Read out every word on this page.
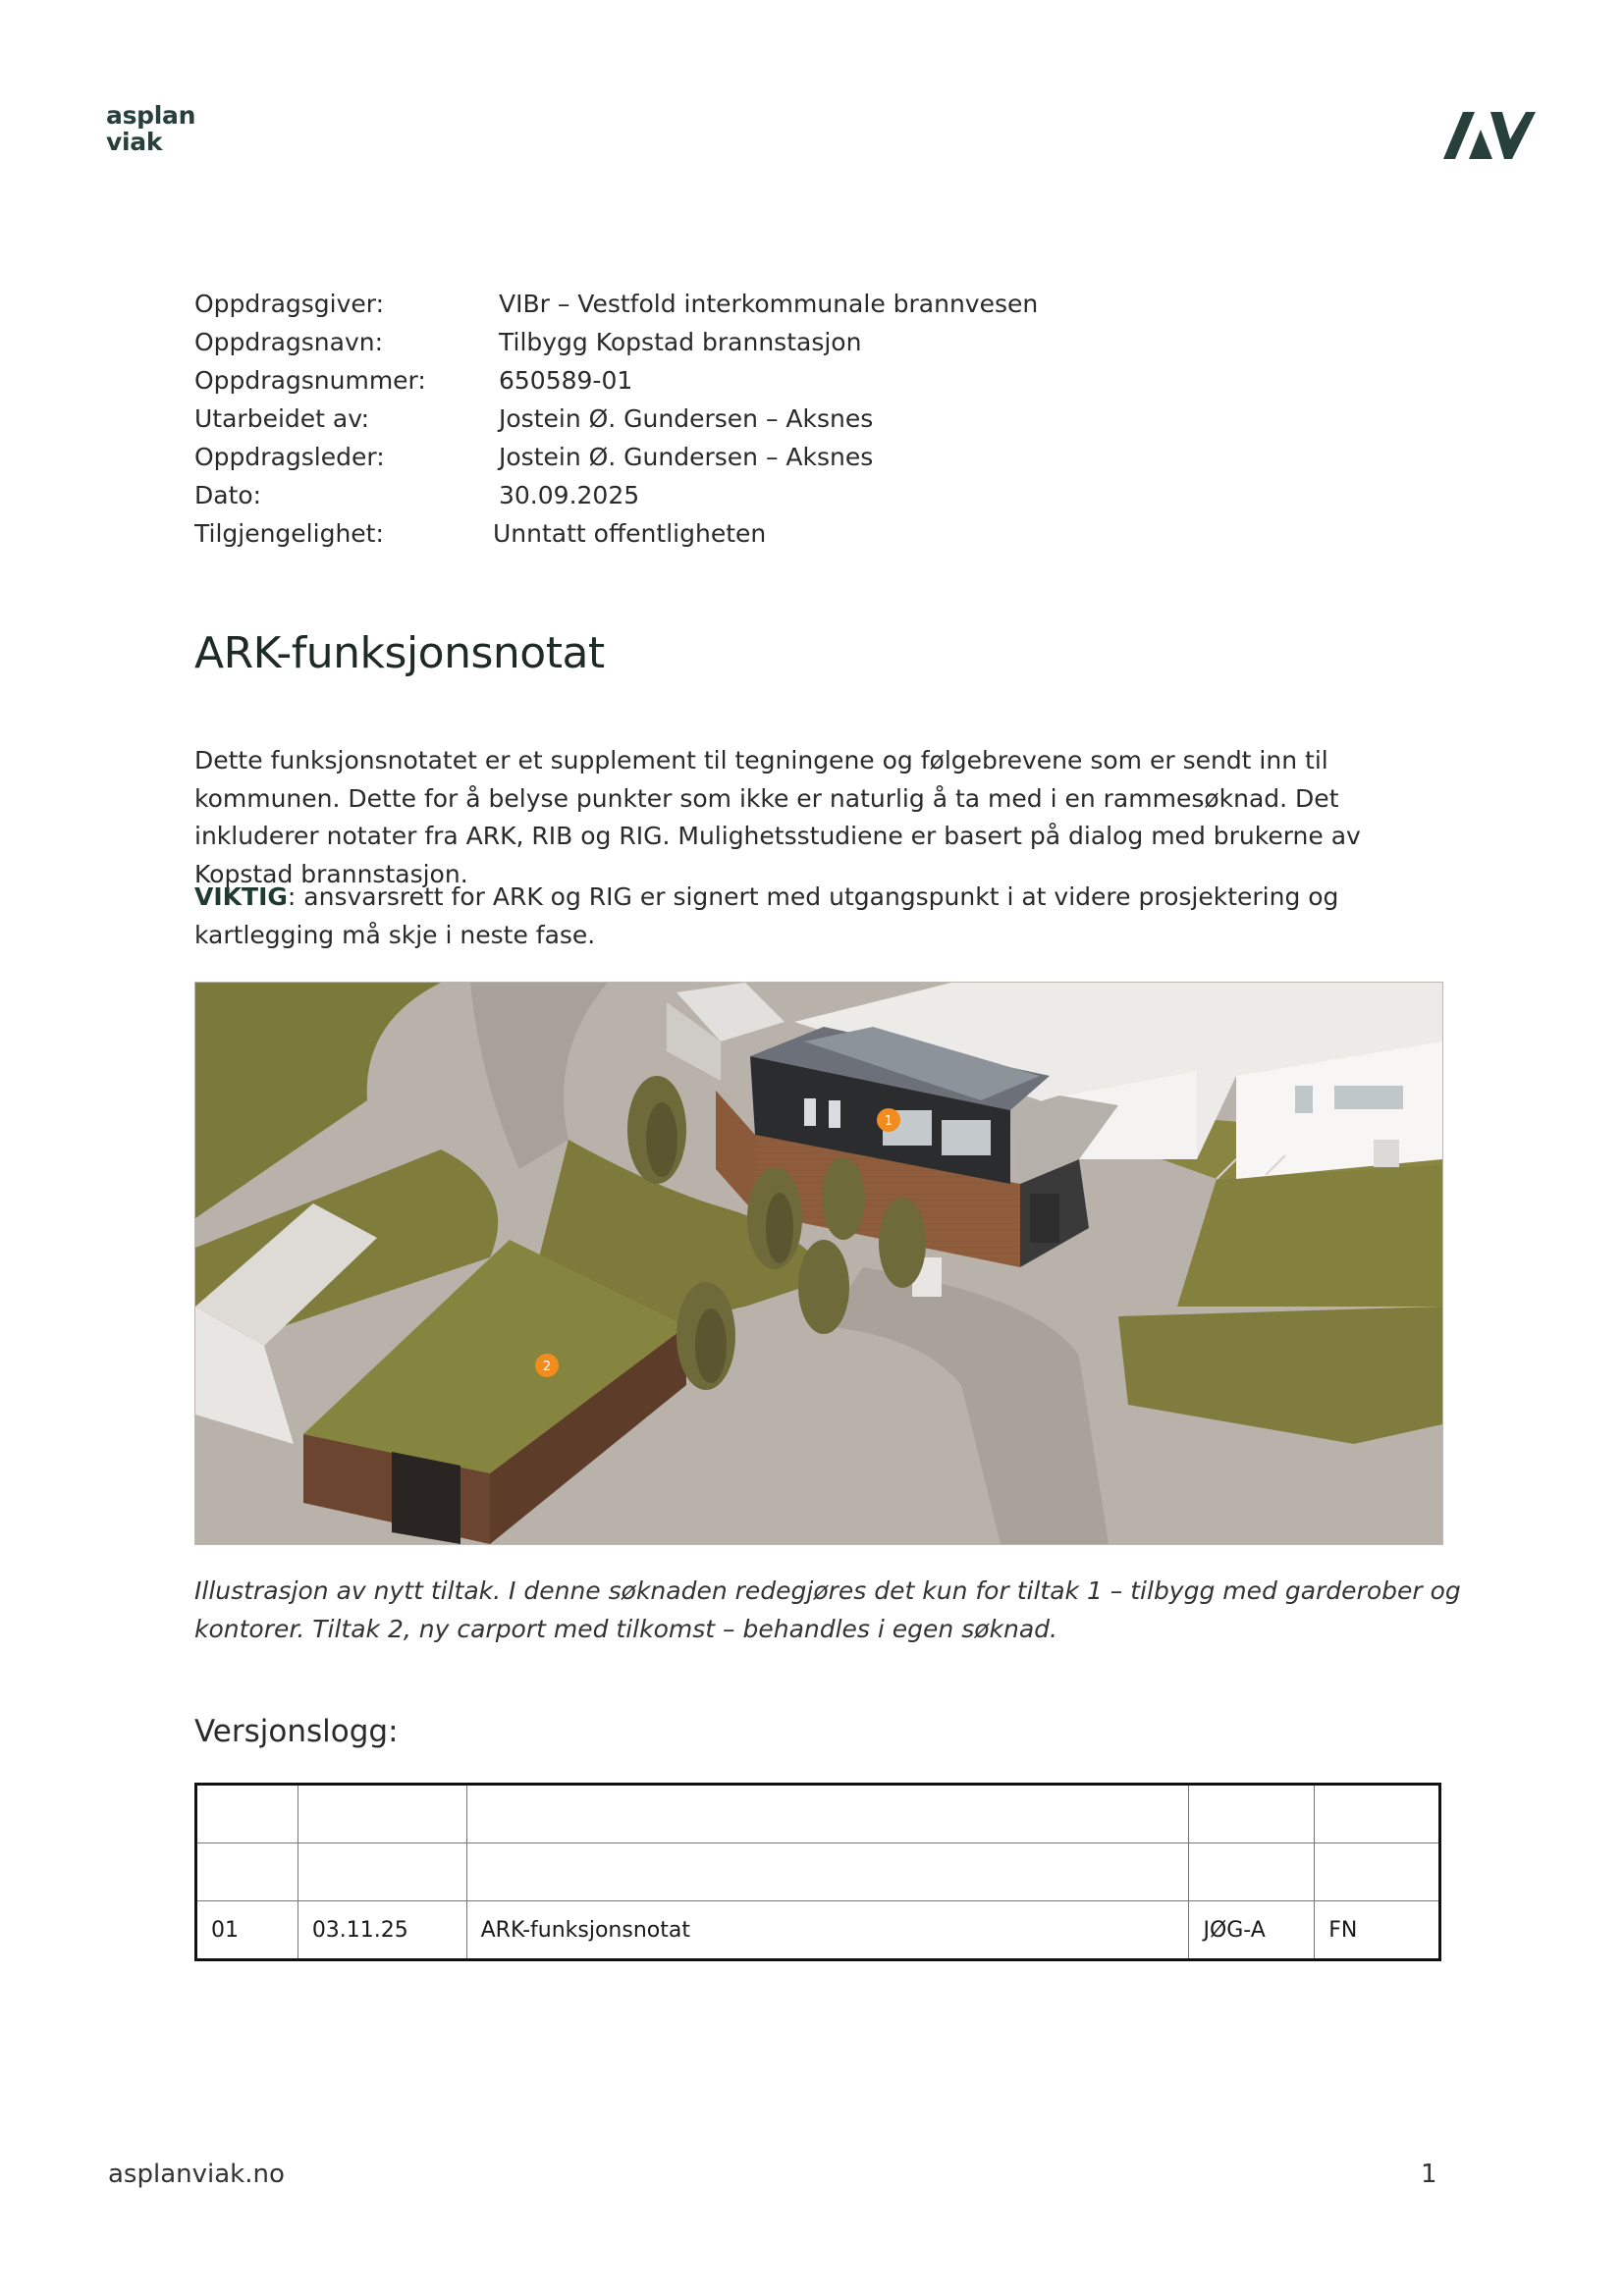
asplan
viak
Oppdragsgiver:	VIBr – Vestfold interkommunale brannvesen
Oppdragsnavn:	Tilbygg Kopstad brannstasjon
Oppdragsnummer:	650589-01
Utarbeidet av:	Jostein Ø. Gundersen – Aksnes
Oppdragsleder:	Jostein Ø. Gundersen – Aksnes
Dato:	30.09.2025
Tilgjengelighet:	Unntatt offentligheten
ARK-funksjonsnotat

Dette funksjonsnotatet er et supplement til tegningene og følgebrevene som er sendt inn til kommunen. Dette for å belyse punkter som ikke er naturlig å ta med i en rammesøknad. Det inkluderer notater fra ARK, RIB og RIG. Mulighetsstudiene er basert på dialog med brukerne av Kopstad brannstasjon.

VIKTIG: ansvarsrett for ARK og RIG er signert med utgangspunkt i at videre prosjektering og kartlegging må skje i neste fase.

1
2

Illustrasjon av nytt tiltak. I denne søknaden redegjøres det kun for tiltak 1 – tilbygg med garderober og kontorer. Tiltak 2, ny carport med tilkomst – behandles i egen søknad.

Versjonslogg:

01	03.11.25	ARK-funksjonsnotat	JØG-A	FN
asplanviak.no	1
